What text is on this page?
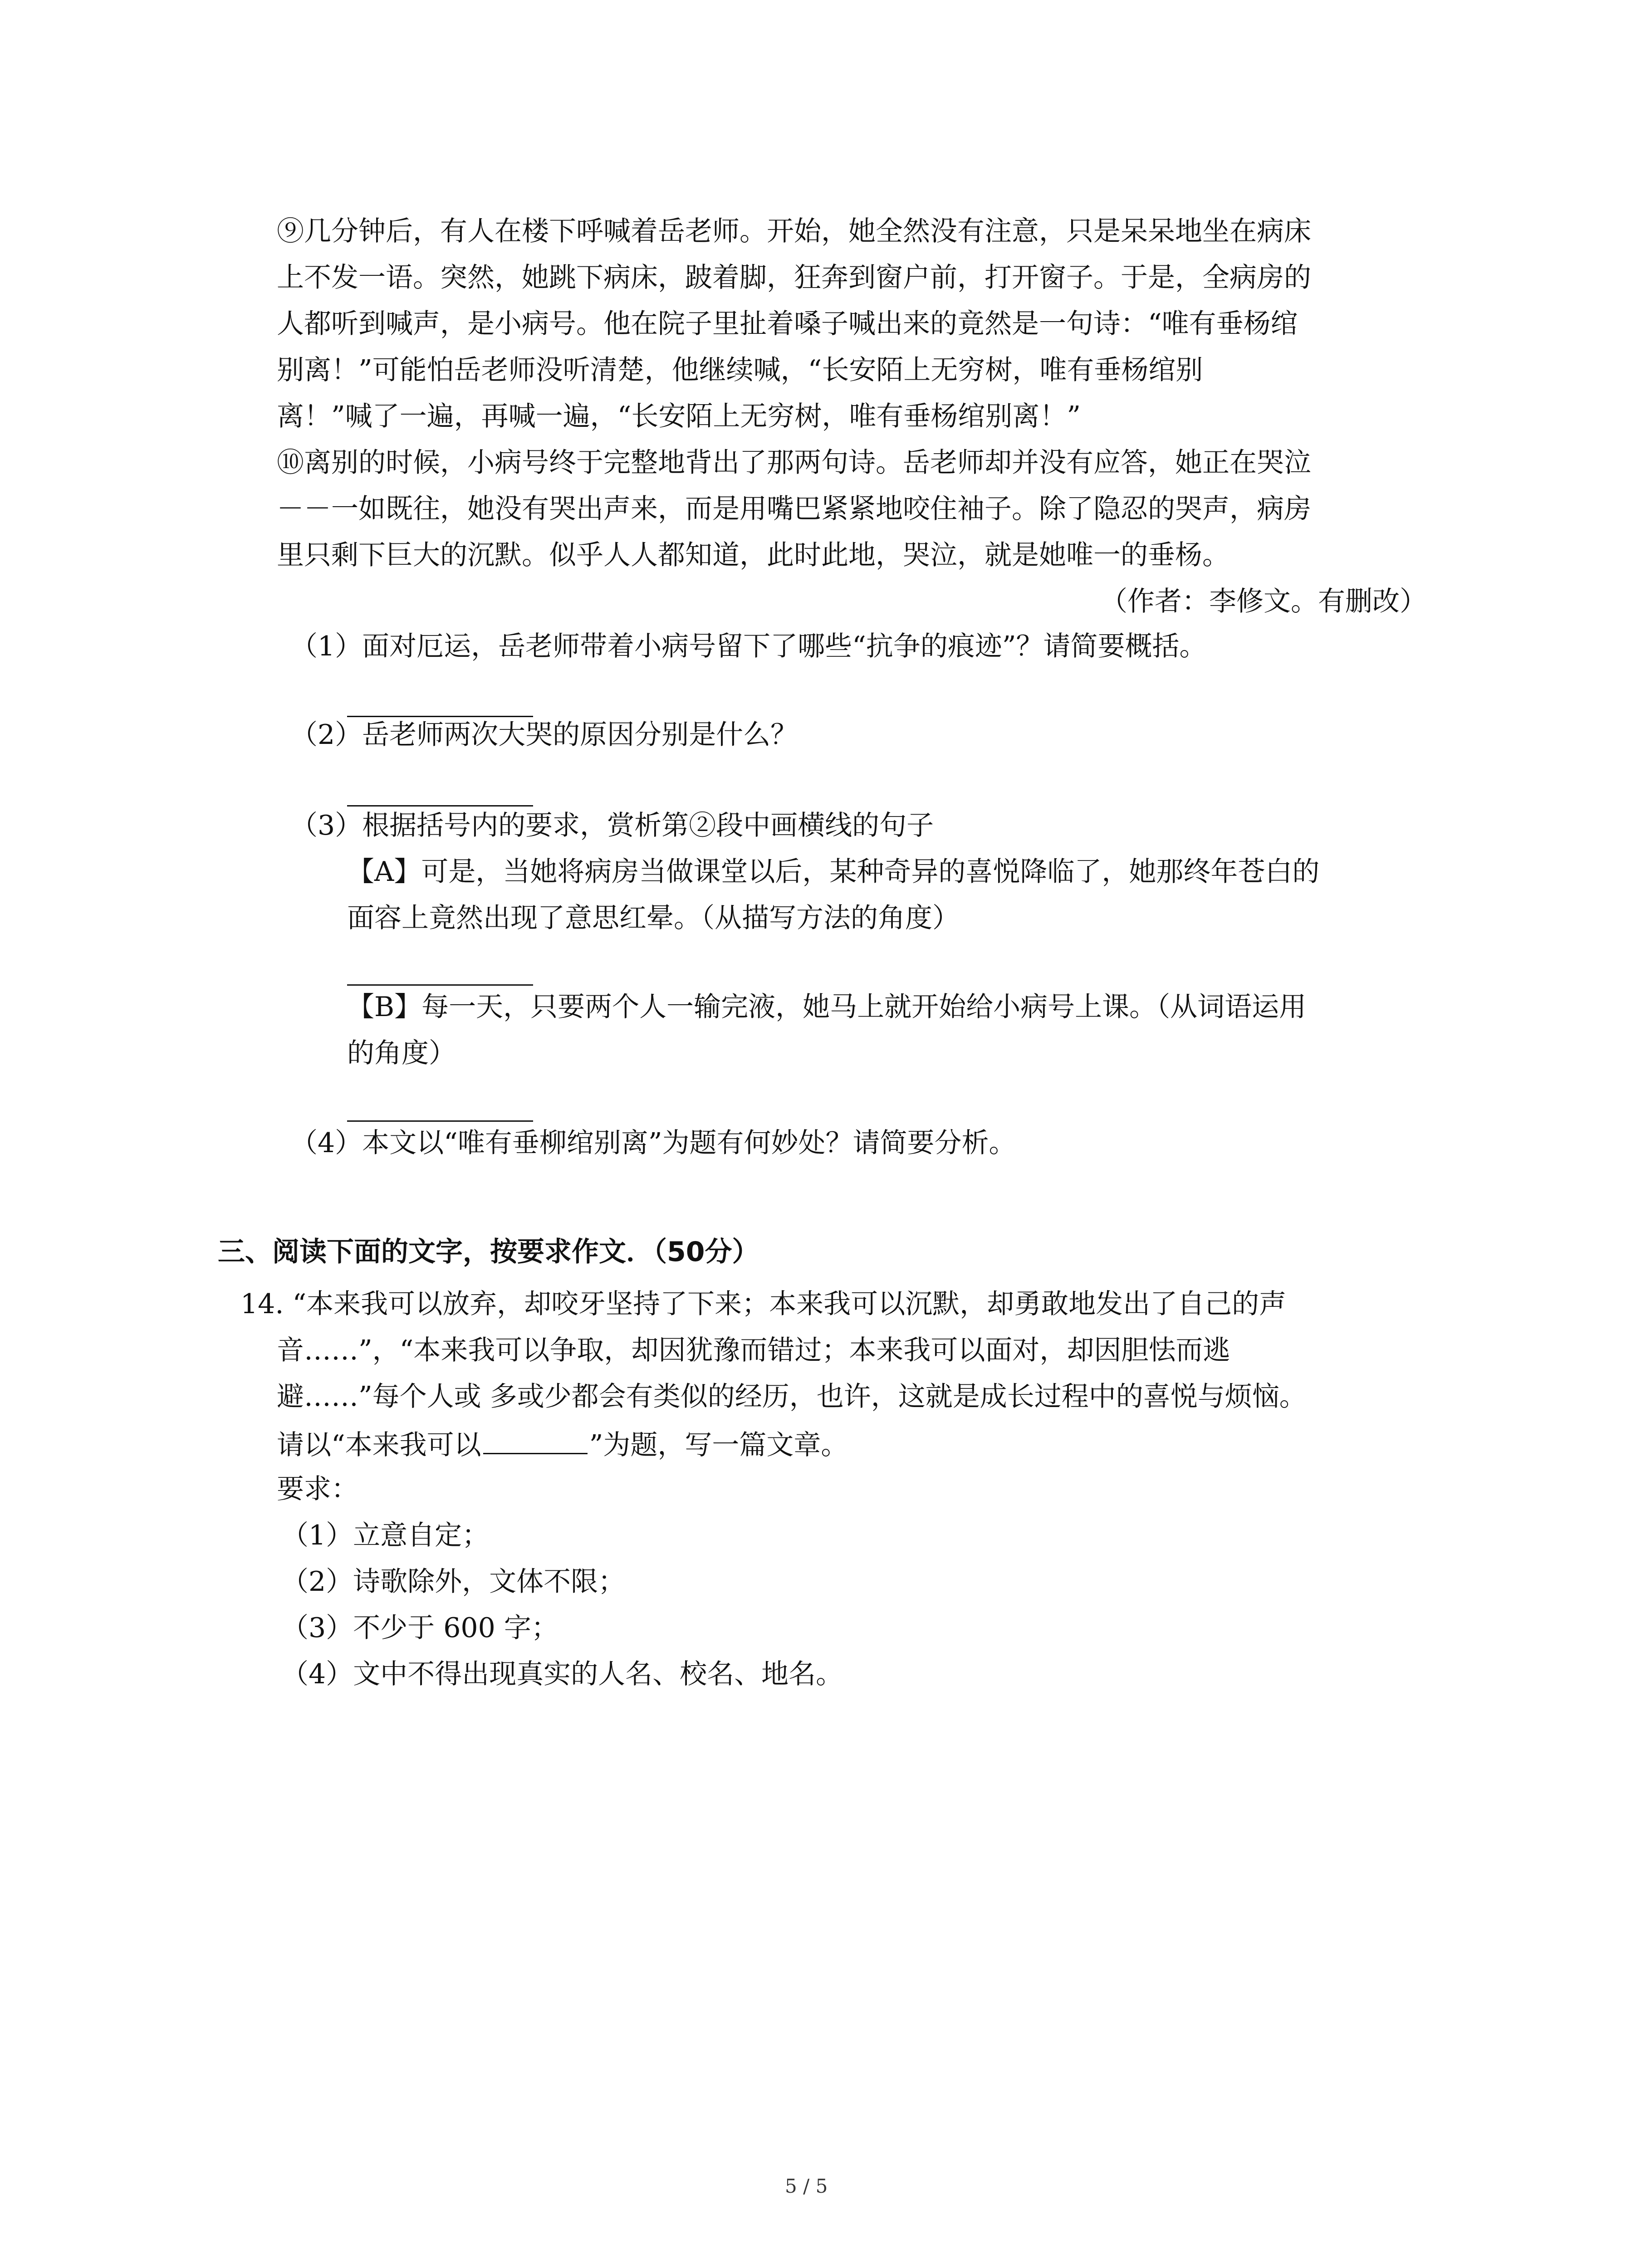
⑨几分钟后，有人在楼下呼喊着岳老师。开始，她全然没有注意，只是呆呆地坐在病床

上不发一语。突然，她跳下病床，跛着脚，狂奔到窗户前，打开窗子。于是，全病房的

人都听到喊声，是小病号。他在院子里扯着嗓子喊出来的竟然是一句诗：“唯有垂杨绾

别离！”可能怕岳老师没听清楚，他继续喊，“长安陌上无穷树，唯有垂杨绾别

离！”喊了一遍，再喊一遍，“长安陌上无穷树，唯有垂杨绾别离！”

⑩离别的时候，小病号终于完整地背出了那两句诗。岳老师却并没有应答，她正在哭泣

－－一如既往，她没有哭出声来，而是用嘴巴紧紧地咬住袖子。除了隐忍的哭声，病房

里只剩下巨大的沉默。似乎人人都知道，此时此地，哭泣，就是她唯一的垂杨。

（作者：李修文。有删改）

（1）面对厄运，岳老师带着小病号留下了哪些“抗争的痕迹”？请简要概括。

（2）岳老师两次大哭的原因分别是什么？

（3）根据括号内的要求，赏析第②段中画横线的句子

【A】可是，当她将病房当做课堂以后，某种奇异的喜悦降临了，她那终年苍白的

面容上竟然出现了意思红晕。（从描写方法的角度）

【B】每一天，只要两个人一输完液，她马上就开始给小病号上课。（从词语运用

的角度）

（4）本文以“唯有垂柳绾别离”为题有何妙处？请简要分析。

三、阅读下面的文字，按要求作文．（50分）

14. “本来我可以放弃，却咬牙坚持了下来；本来我可以沉默，却勇敢地发出了自己的声

音……”，“本来我可以争取，却因犹豫而错过；本来我可以面对，却因胆怯而逃

避……”每个人或 多或少都会有类似的经历，也许，这就是成长过程中的喜悦与烦恼。

请以“本来我可以	”为题，写一篇文章。

要求：

（1）立意自定；

（2）诗歌除外，文体不限；

（3）不少于 600 字；

（4）文中不得出现真实的人名、校名、地名。

5 / 5
